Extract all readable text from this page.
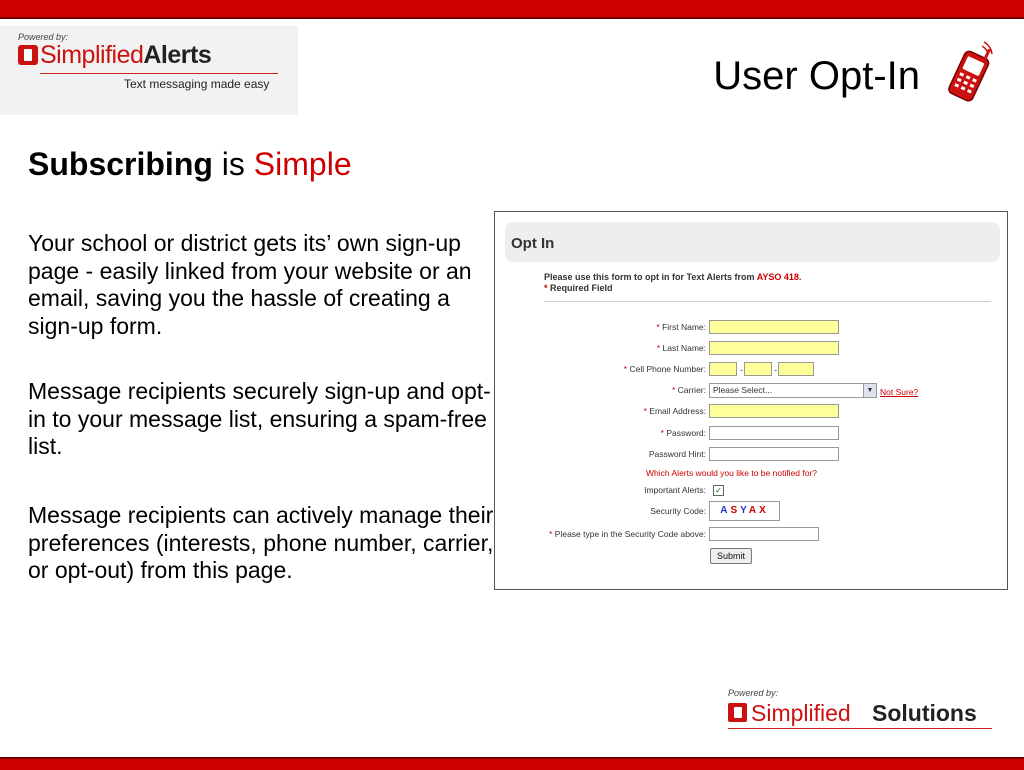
Powered by:
SimplifiedAlerts
Text messaging made easy	User Opt-In
Subscribing is Simple

Your school or district gets its’ own sign-up page - easily linked from your website or an email, saving you the hassle of creating a sign-up form.

Message recipients securely sign-up and opt-in to your message list, ensuring a spam-free list.

Message recipients can actively manage their preferences (interests, phone number, carrier, or opt-out) from this page.

Opt In
Please use this form to opt in for Text Alerts from AYSO 418.
* Required Field
* First Name:
* Last Name:
* Cell Phone Number:	-	-
* Carrier: Please Select...	▼ Not Sure?
* Email Address:
* Password:
Password Hint:
Which Alerts would you like to be notified for?
Important Alerts: ✓
Security Code:	ASYAX
* Please type in the Security Code above:
Submit
Powered by:
Simplified Solutions
